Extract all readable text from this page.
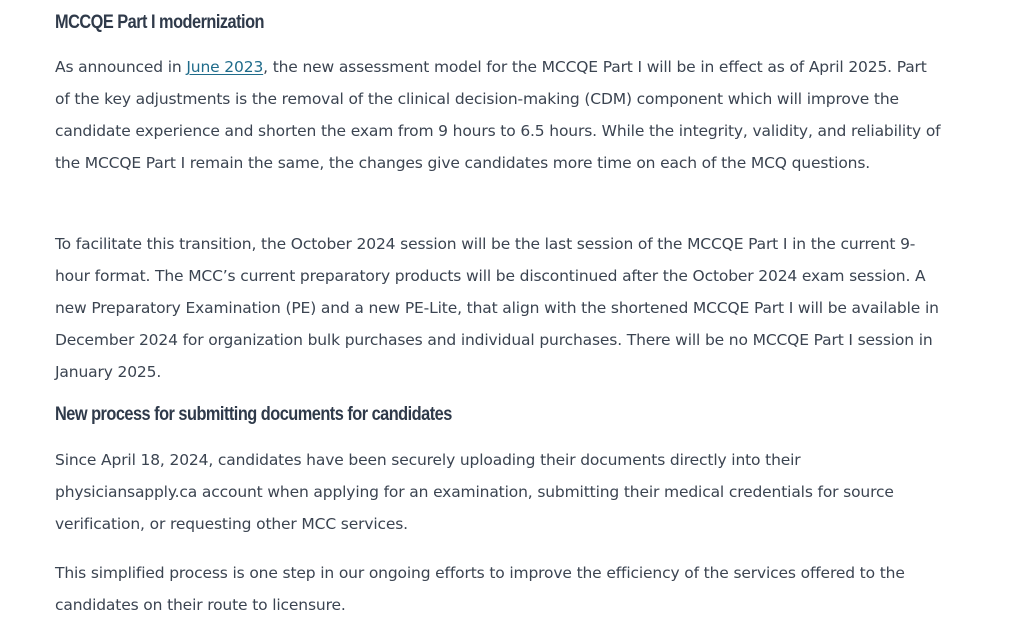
MCCQE Part I modernization

As announced in June 2023, the new assessment model for the MCCQE Part I will be in effect as of April 2025. Part of the key adjustments is the removal of the clinical decision-making (CDM) component which will improve the candidate experience and shorten the exam from 9 hours to 6.5 hours. While the integrity, validity, and reliability of the MCCQE Part I remain the same, the changes give candidates more time on each of the MCQ questions.

To facilitate this transition, the October 2024 session will be the last session of the MCCQE Part I in the current 9-hour format. The MCC’s current preparatory products will be discontinued after the October 2024 exam session. A new Preparatory Examination (PE) and a new PE-Lite, that align with the shortened MCCQE Part I will be available in December 2024 for organization bulk purchases and individual purchases. There will be no MCCQE Part I session in January 2025.

New process for submitting documents for candidates

Since April 18, 2024, candidates have been securely uploading their documents directly into their physiciansapply.ca account when applying for an examination, submitting their medical credentials for source verification, or requesting other MCC services.

This simplified process is one step in our ongoing efforts to improve the efficiency of the services offered to the candidates on their route to licensure.
